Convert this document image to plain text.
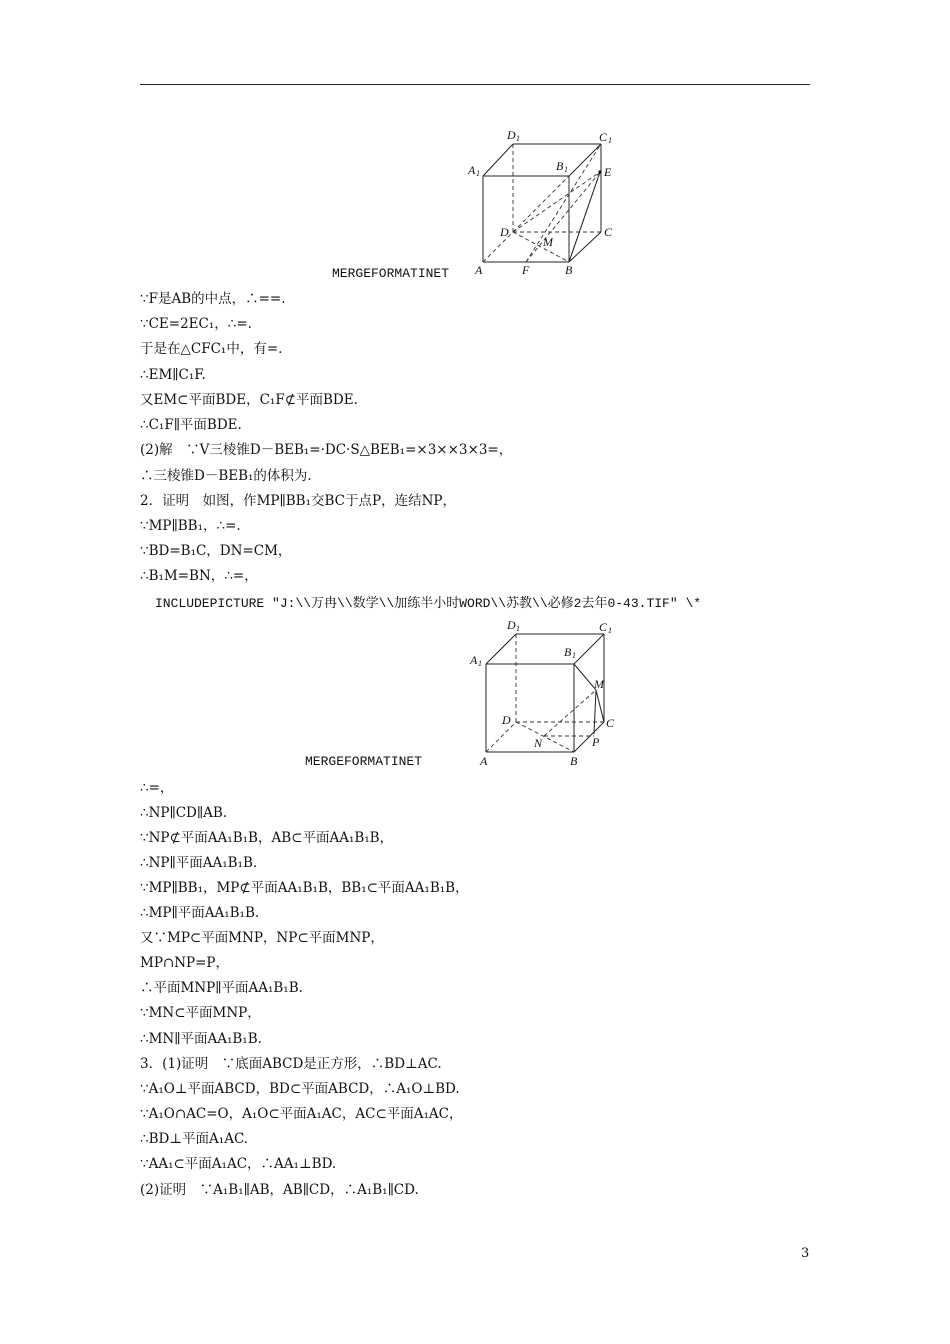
D 1	C 1
A 1
B 1	E
D	C
M
A	F	B
MERGEFORMATINET
∵F是AB的中点，∴==.
∵CE=2EC₁，∴=.
于是在△CFC₁中，有=.
∴EM∥C₁F.
又EM⊂平面BDE，C₁F⊄平面BDE.
∴C₁F∥平面BDE.
(2)解　∵V三棱锥D－BEB₁=·DC·S△BEB₁=×3××3×3=，
∴三棱锥D－BEB₁的体积为.
2．证明　如图，作MP∥BB₁交BC于点P，连结NP，
∵MP∥BB₁，∴=.
∵BD=B₁C，DN=CM，
∴B₁M=BN，∴=，
INCLUDEPICTURE "J:\\万冉\\数学\\加练半小时WORD\\苏教\\必修2去年0-43.TIF" \*
D 1	C 1
A 1
B 1
M
D	C
N	P
A	B
MERGEFORMATINET
∴=，
∴NP∥CD∥AB.
∵NP⊄平面AA₁B₁B，AB⊂平面AA₁B₁B，
∴NP∥平面AA₁B₁B.
∵MP∥BB₁，MP⊄平面AA₁B₁B，BB₁⊂平面AA₁B₁B，
∴MP∥平面AA₁B₁B.
又∵MP⊂平面MNP，NP⊂平面MNP，
MP∩NP=P，
∴平面MNP∥平面AA₁B₁B.
∵MN⊂平面MNP，
∴MN∥平面AA₁B₁B.
3．(1)证明　∵底面ABCD是正方形，∴BD⊥AC.
∵A₁O⊥平面ABCD，BD⊂平面ABCD，∴A₁O⊥BD.
∵A₁O∩AC=O，A₁O⊂平面A₁AC，AC⊂平面A₁AC，
∴BD⊥平面A₁AC.
∵AA₁⊂平面A₁AC，∴AA₁⊥BD.
(2)证明　∵A₁B₁∥AB，AB∥CD，∴A₁B₁∥CD.
3
